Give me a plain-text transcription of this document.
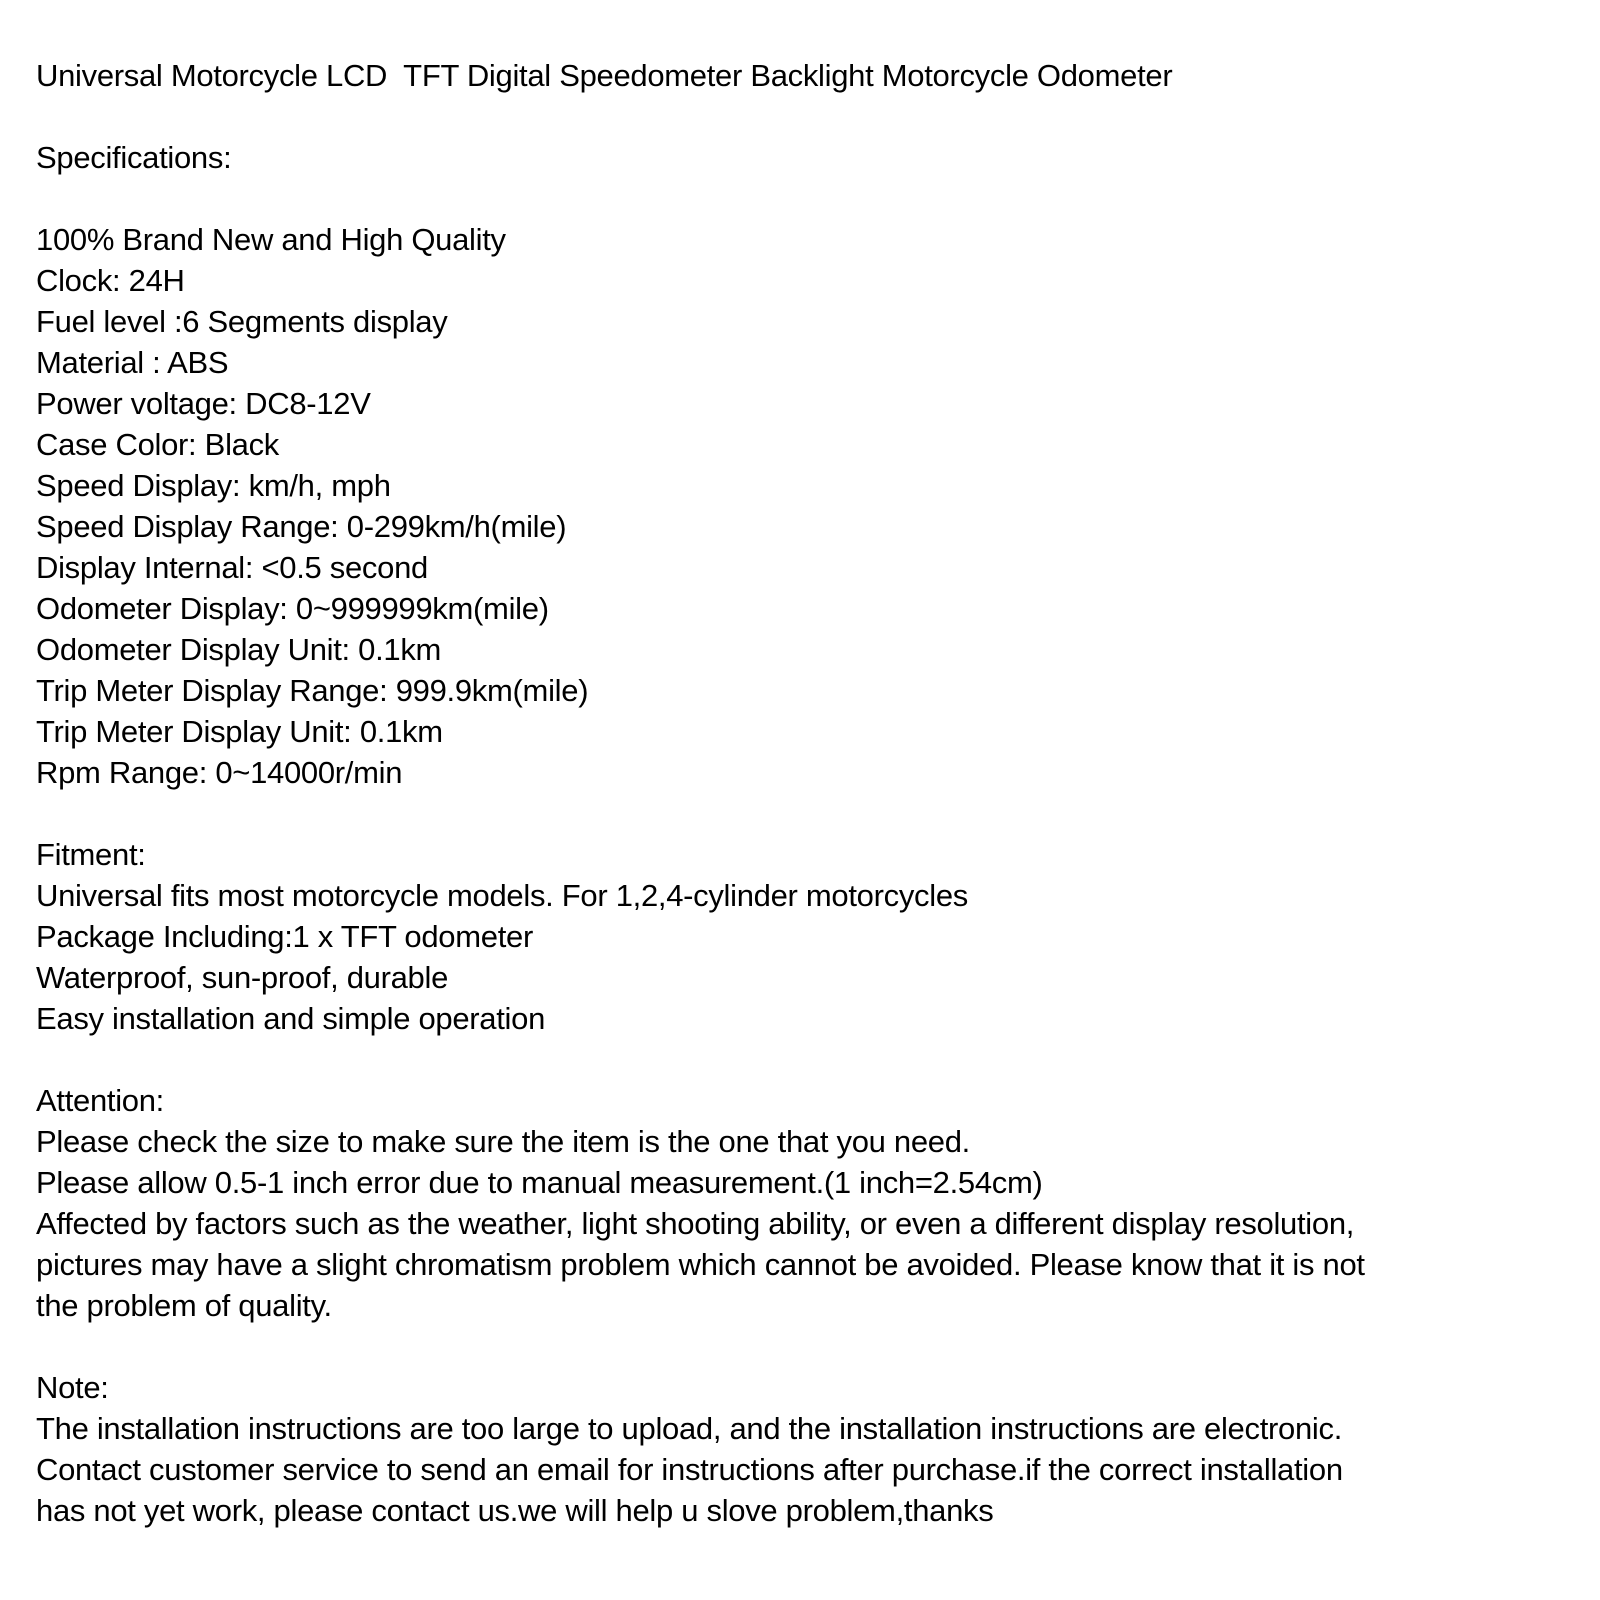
Universal Motorcycle LCD  TFT Digital Speedometer Backlight Motorcycle Odometer
Specifications:
100% Brand New and High Quality
Clock: 24H
Fuel level :6 Segments display
Material : ABS
Power voltage: DC8-12V
Case Color: Black
Speed Display: km/h, mph
Speed Display Range: 0-299km/h(mile)
Display Internal: <0.5 second
Odometer Display: 0~999999km(mile)
Odometer Display Unit: 0.1km
Trip Meter Display Range: 999.9km(mile)
Trip Meter Display Unit: 0.1km
Rpm Range: 0~14000r/min
Fitment:
Universal fits most motorcycle models. For 1,2,4-cylinder motorcycles
Package Including:1 x TFT odometer
Waterproof, sun-proof, durable
Easy installation and simple operation
Attention:
Please check the size to make sure the item is the one that you need.
Please allow 0.5-1 inch error due to manual measurement.(1 inch=2.54cm)
Affected by factors such as the weather, light shooting ability, or even a different display resolution,
pictures may have a slight chromatism problem which cannot be avoided. Please know that it is not
the problem of quality.
Note:
The installation instructions are too large to upload, and the installation instructions are electronic.
Contact customer service to send an email for instructions after purchase.if the correct installation
has not yet work, please contact us.we will help u slove problem,thanks
